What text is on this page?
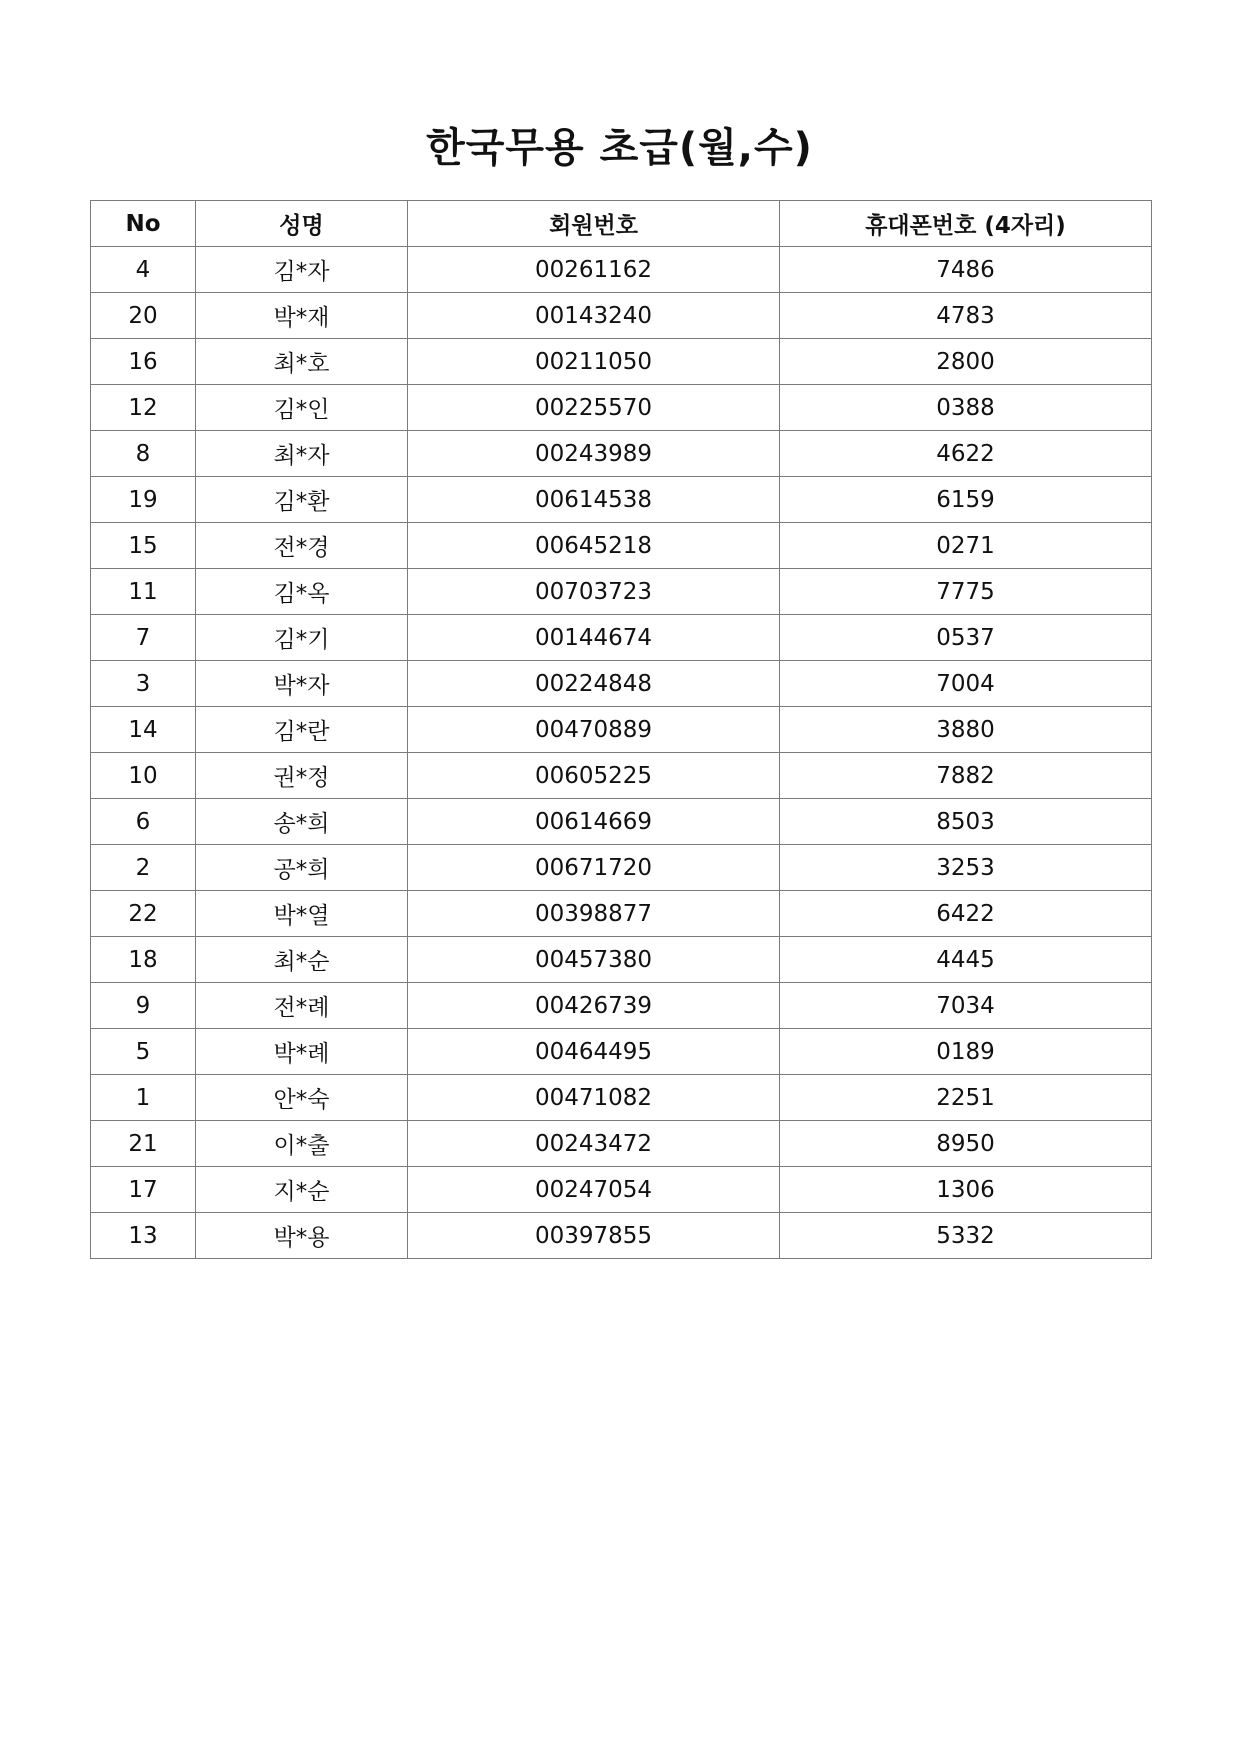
한국무용 초급(월,수)
No	성명	회원번호	휴대폰번호 (4자리)
4	김*자	00261162	7486
20	박*재	00143240	4783
16	최*호	00211050	2800
12	김*인	00225570	0388
8	최*자	00243989	4622
19	김*환	00614538	6159
15	전*경	00645218	0271
11	김*옥	00703723	7775
7	김*기	00144674	0537
3	박*자	00224848	7004
14	김*란	00470889	3880
10	권*정	00605225	7882
6	송*희	00614669	8503
2	공*희	00671720	3253
22	박*열	00398877	6422
18	최*순	00457380	4445
9	전*례	00426739	7034
5	박*례	00464495	0189
1	안*숙	00471082	2251
21	이*출	00243472	8950
17	지*순	00247054	1306
13	박*용	00397855	5332
